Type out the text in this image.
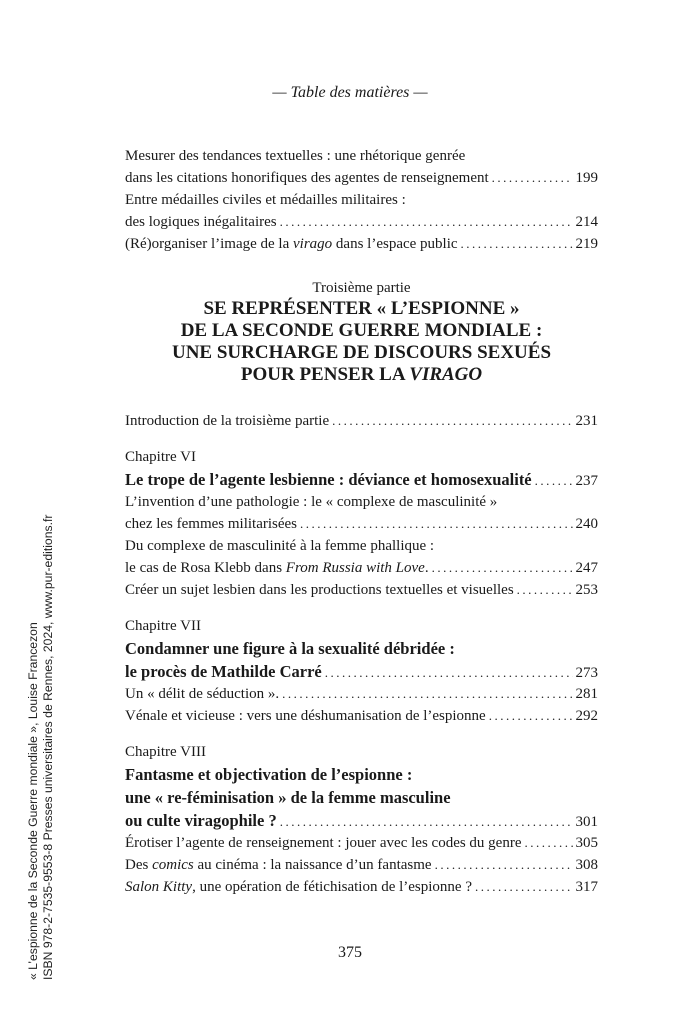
— Table des matières —
Mesurer des tendances textuelles : une rhétorique genrée
dans les citations honorifiques des agentes de renseignement .....	199
Entre médailles civiles et médailles militaires :
des logiques inégalitaires .....	214
(Ré)organiser l’image de la virago dans l’espace public .....	219
Troisième partie
SE REPRÉSENTER « L’ESPIONNE »
DE LA SECONDE GUERRE MONDIALE :
UNE SURCHARGE DE DISCOURS SEXUÉS
POUR PENSER LA VIRAGO
Introduction de la troisième partie .....	231
Chapitre VI
Le trope de l’agente lesbienne : déviance et homosexualité .....	237
L’invention d’une pathologie : le « complexe de masculinité »
chez les femmes militarisées .....	240
Du complexe de masculinité à la femme phallique :
le cas de Rosa Klebb dans From Russia with Love. .....	247
Créer un sujet lesbien dans les productions textuelles et visuelles .....	253
Chapitre VII
Condamner une figure à la sexualité débridée :
le procès de Mathilde Carré .....	273
Un « délit de séduction ». .....	281
Vénale et vicieuse : vers une déshumanisation de l’espionne .....	292
Chapitre VIII
Fantasme et objectivation de l’espionne :
une « re-féminisation » de la femme masculine
ou culte viragophile ? .....	301
Érotiser l’agente de renseignement : jouer avec les codes du genre .....	305
Des comics au cinéma : la naissance d’un fantasme .....	308
Salon Kitty, une opération de fétichisation de l’espionne ? .....	317
375
« L’espionne de la Seconde Guerre mondiale », Louise Francezon ISBN 978-2-7535-9553-8 Presses universitaires de Rennes, 2024, www.pur-editions.fr
